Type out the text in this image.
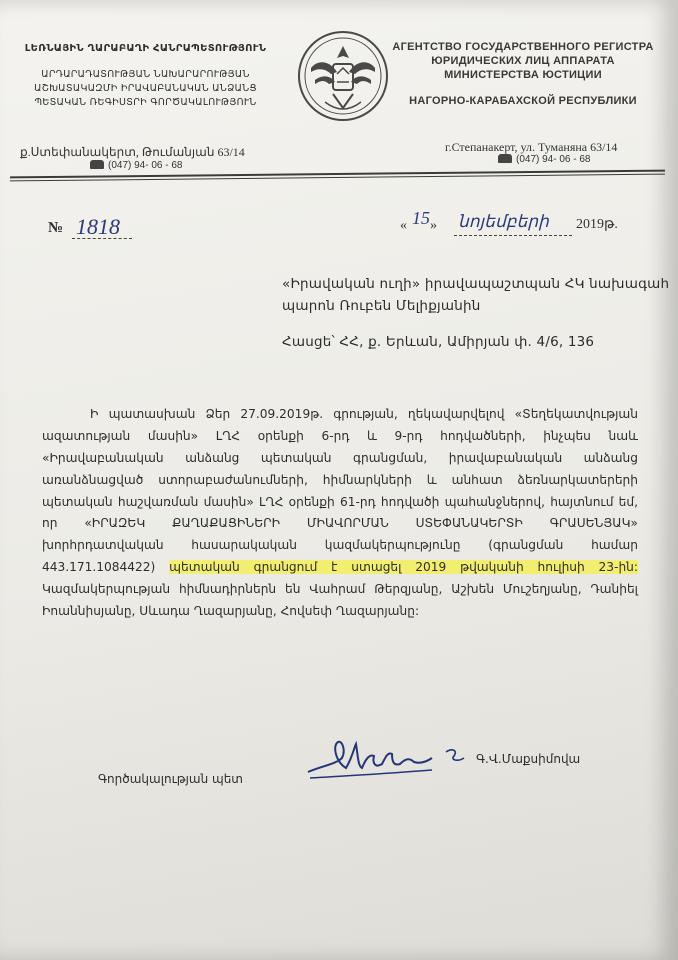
ԼԵՌՆԱՅԻՆ ՂԱՐԱԲԱՂԻ ՀԱՆՐԱՊԵՏՈՒԹՅՈՒՆ
ԱՐԴԱՐԱԴԱՏՈՒԹՅԱՆ ՆԱԽԱՐԱՐՈՒԹՅԱՆ
ԱՇԽԱՏԱԿԱԶՄԻ ԻՐԱՎԱԲԱՆԱԿԱՆ ԱՆՁԱՆՑ
ՊԵՏԱԿԱՆ ՌԵԳԻՍՏՐԻ ԳՈՐԾԱԿԱԼՈՒԹՅՈՒՆ
АГЕНТСТВО ГОСУДАРСТВЕННОГО РЕГИСТРА
ЮРИДИЧЕСКИХ ЛИЦ АППАРАТА
МИНИСТЕРСТВА ЮСТИЦИИ
НАГОРНО-КАРАБАХСКОЙ РЕСПУБЛИКИ
ք.Ստեփանակերտ, Թումանյան 63/14	г.Степанакерт, ул. Туманяна 63/14
(047) 94- 06 - 68
(047) 94- 06 - 68
№ 1818	« 15 » նոյեմբերի 2019թ.
«Իրավական ուղի» իրավապաշտպան ՀԿ նախագահ
պարոն Ռուբեն Մելիքյանին
Հասցե՝ ՀՀ, ք. Երևան, Ամիրյան փ. 4/6, 136
Ի պատասխան Ձեր 27.09.2019թ. գրության, ղեկավարվելով «Տեղեկատվության
ազատության մասին» ԼՂՀ օրենքի 6-րդ և 9-րդ հոդվածների, ինչպես նաև
«Իրավաբանական անձանց պետական գրանցման, իրավաբանական անձանց
առանձնացված ստորաբաժանումների, հիմնարկների և անհատ ձեռնարկատերերի
պետական հաշվառման մասին» ԼՂՀ օրենքի 61-րդ հոդվածի պահանջներով, հայտնում եմ,
որ «ԻՐԱԶԵԿ ՔԱՂԱՔԱՑԻՆԵՐԻ ՄԻԱՎՈՐՄԱՆ ՍՏԵՓԱՆԱԿԵՐՏԻ ԳՐԱՍԵՆՅԱԿ»
խորհրդատվական հասարակական կազմակերպությունը (գրանցման համար
443.171.1084422) պետական գրանցում է ստացել 2019 թվականի հուլիսի 23-ին:
Կազմակերպության հիմնադիրներն են Վահրամ Թերզյանը, Աշխեն Մուշեղյանը, Դանիել
Իոաննիսյանը, Սևադա Ղազարյանը, Հովսեփ Ղազարյանը:
Գործակալության պետ
Գ.Վ.Մաքսիմովա
